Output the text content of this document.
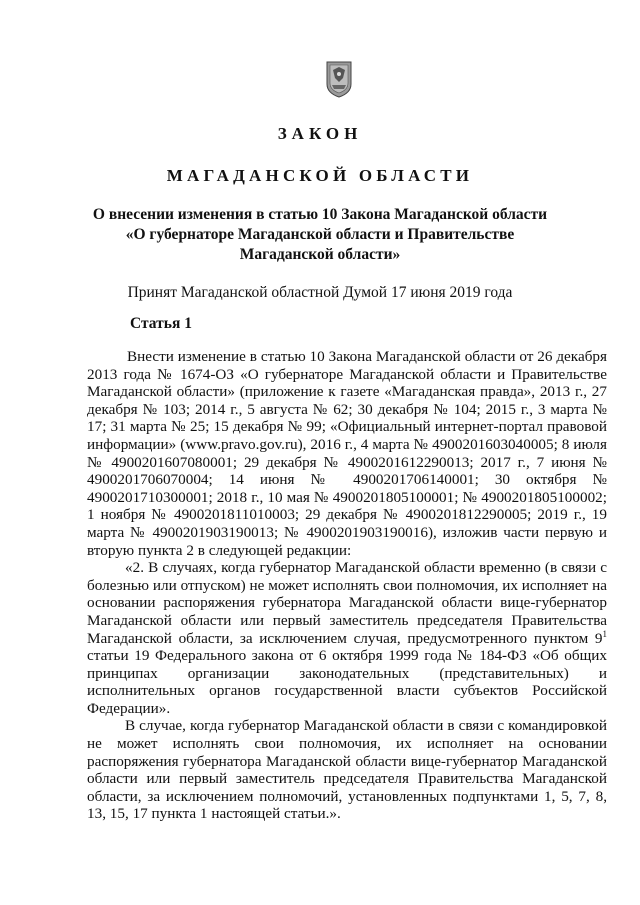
ЗАКОН
МАГАДАНСКОЙ ОБЛАСТИ
О внесении изменения в статью 10 Закона Магаданской области
«О губернаторе Магаданской области и Правительстве
Магаданской области»
Принят Магаданской областной Думой 17 июня 2019 года
Статья 1

Внести изменение в статью 10 Закона Магаданской области от 26 декабря 2013 года № 1674-ОЗ «О губернаторе Магаданской области и Правительстве Магаданской области» (приложение к газете «Магаданская правда», 2013 г., 27 декабря № 103; 2014 г., 5 августа № 62; 30 декабря № 104; 2015 г., 3 марта № 17; 31 марта № 25; 15 декабря № 99; «Официальный интернет-портал правовой информации» (www.pravo.gov.ru), 2016 г., 4 марта № 4900201603040005; 8 июля № 4900201607080001; 29 декабря № 4900201612290013; 2017 г., 7 июня № 4900201706070004; 14 июня № 4900201706140001; 30 октября № 4900201710300001; 2018 г., 10 мая № 4900201805100001; № 4900201805100002; 1 ноября № 4900201811010003; 29 декабря № 4900201812290005; 2019 г., 19 марта № 4900201903190013; № 4900201903190016), изложив части первую и вторую пункта 2 в следующей редакции:

«2. В случаях, когда губернатор Магаданской области временно (в связи с болезнью или отпуском) не может исполнять свои полномочия, их исполняет на основании распоряжения губернатора Магаданской области вице-губернатор Магаданской области или первый заместитель председателя Правительства Магаданской области, за исключением случая, предусмотренного пунктом $9^1$ статьи 19 Федерального закона от 6 октября 1999 года № 184-ФЗ «Об общих принципах организации законодательных (представительных) и исполнительных органов государственной власти субъектов Российской Федерации».

В случае, когда губернатор Магаданской области в связи с командировкой не может исполнять свои полномочия, их исполняет на основании распоряжения губернатора Магаданской области вице-губернатор Магаданской области или первый заместитель председателя Правительства Магаданской области, за исключением полномочий, установленных подпунктами 1, 5, 7, 8, 13, 15, 17 пункта 1 настоящей статьи.».
